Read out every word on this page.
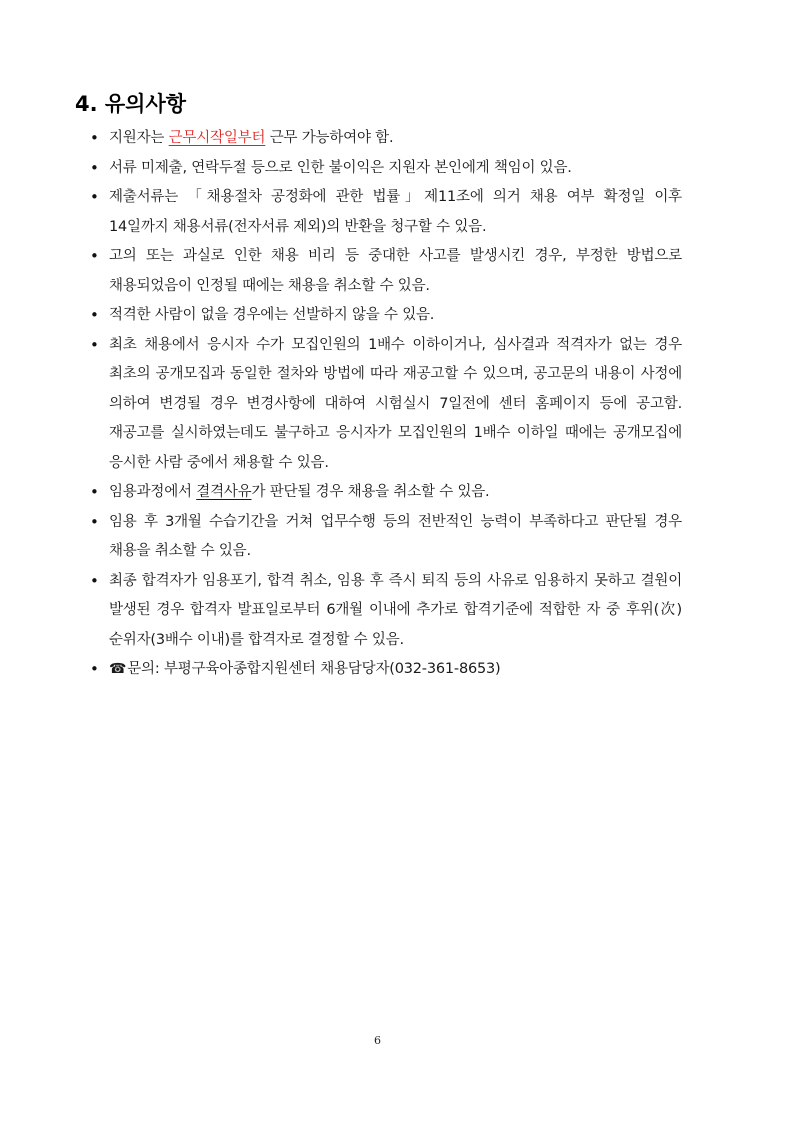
4. 유의사항
• 지원자는 근무시작일부터 근무 가능하여야 함.
• 서류 미제출, 연락두절 등으로 인한 불이익은 지원자 본인에게 책임이 있음.
• 제출서류는 「채용절차 공정화에 관한 법률」제11조에 의거 채용 여부 확정일 이후 14일까지 채용서류(전자서류 제외)의 반환을 청구할 수 있음.
• 고의 또는 과실로 인한 채용 비리 등 중대한 사고를 발생시킨 경우, 부정한 방법으로 채용되었음이 인정될 때에는 채용을 취소할 수 있음.
• 적격한 사람이 없을 경우에는 선발하지 않을 수 있음.
• 최초 채용에서 응시자 수가 모집인원의 1배수 이하이거나, 심사결과 적격자가 없는 경우 최초의 공개모집과 동일한 절차와 방법에 따라 재공고할 수 있으며, 공고문의 내용이 사정에 의하여 변경될 경우 변경사항에 대하여 시험실시 7일전에 센터 홈페이지 등에 공고함. 재공고를 실시하였는데도 불구하고 응시자가 모집인원의 1배수 이하일 때에는 공개모집에 응시한 사람 중에서 채용할 수 있음.
• 임용과정에서 결격사유가 판단될 경우 채용을 취소할 수 있음.
• 임용 후 3개월 수습기간을 거쳐 업무수행 등의 전반적인 능력이 부족하다고 판단될 경우 채용을 취소할 수 있음.
• 최종 합격자가 임용포기, 합격 취소, 임용 후 즉시 퇴직 등의 사유로 임용하지 못하고 결원이 발생된 경우 합격자 발표일로부터 6개월 이내에 추가로 합격기준에 적합한 자 중 후위(次) 순위자(3배수 이내)를 합격자로 결정할 수 있음.
• ☎문의: 부평구육아종합지원센터 채용담당자(032-361-8653)
6
